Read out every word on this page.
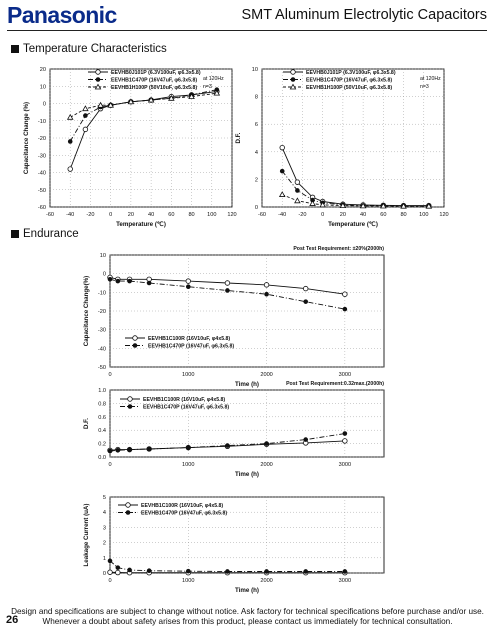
Panasonic	SMT Aluminum Electrolytic Capacitors
Temperature Characteristics
Endurance
-60 -40 -20	0	20 40 60 80 100 120
-60
-50
-40
-30
-20
-10
0
10
20
Temperature (℃)
Capacitance Change (%)
at 120Hz
n=3
EEVHB0J101P (6.3V100uF, φ6.3x5.8)
EEVHB1C470P (16V47uF, φ6.3x5.8)
EEVHB1H100P (50V10uF, φ6.3x5.8)
-60 -40 -20	0	20 40 60 80 100 120
0
2
4
6
8
10
Temperature (℃)
D.F.
at 120Hz
n=3
EEVHB0J101P (6.3V100uF, φ6.3x5.8)
EEVHB1C470P (16V47uF, φ6.3x5.8)
EEVHB1H100P (50V10uF, φ6.3x5.8)
0	1000	2000	3000
-50
-40
-30
-20
-10
0
10
Time (h)
Capacitance Change(%)
Post Test Requirement: ±20%(2000h)
EEVHB1C100R (16V10uF, φ4x5.8)
EEVHB1C470P (16V47uF, φ6.3x5.8)
0	1000	2000	3000
0.0
0.2
0.4
0.6
0.8
1.0
Time (h)
D.F.
Post Test Requirement:0.32max.(2000h)
EEVHB1C100R (16V10uF, φ4x5.8)
EEVHB1C470P (16V47uF, φ6.3x5.8)
0	1000	2000	3000
0
1
2
3
4
5
Time (h)
Leakage Current (uA)	EEVHB1C100R (16V10uF, φ4x5.8)
EEVHB1C470P (16V47uF, φ6.3x5.8)
26
Design and specifications are subject to change without notice. Ask factory for technical specifications before purchase and/or use.
Whenever a doubt about safety arises from this product, please contact us immediately for technical consultation.
